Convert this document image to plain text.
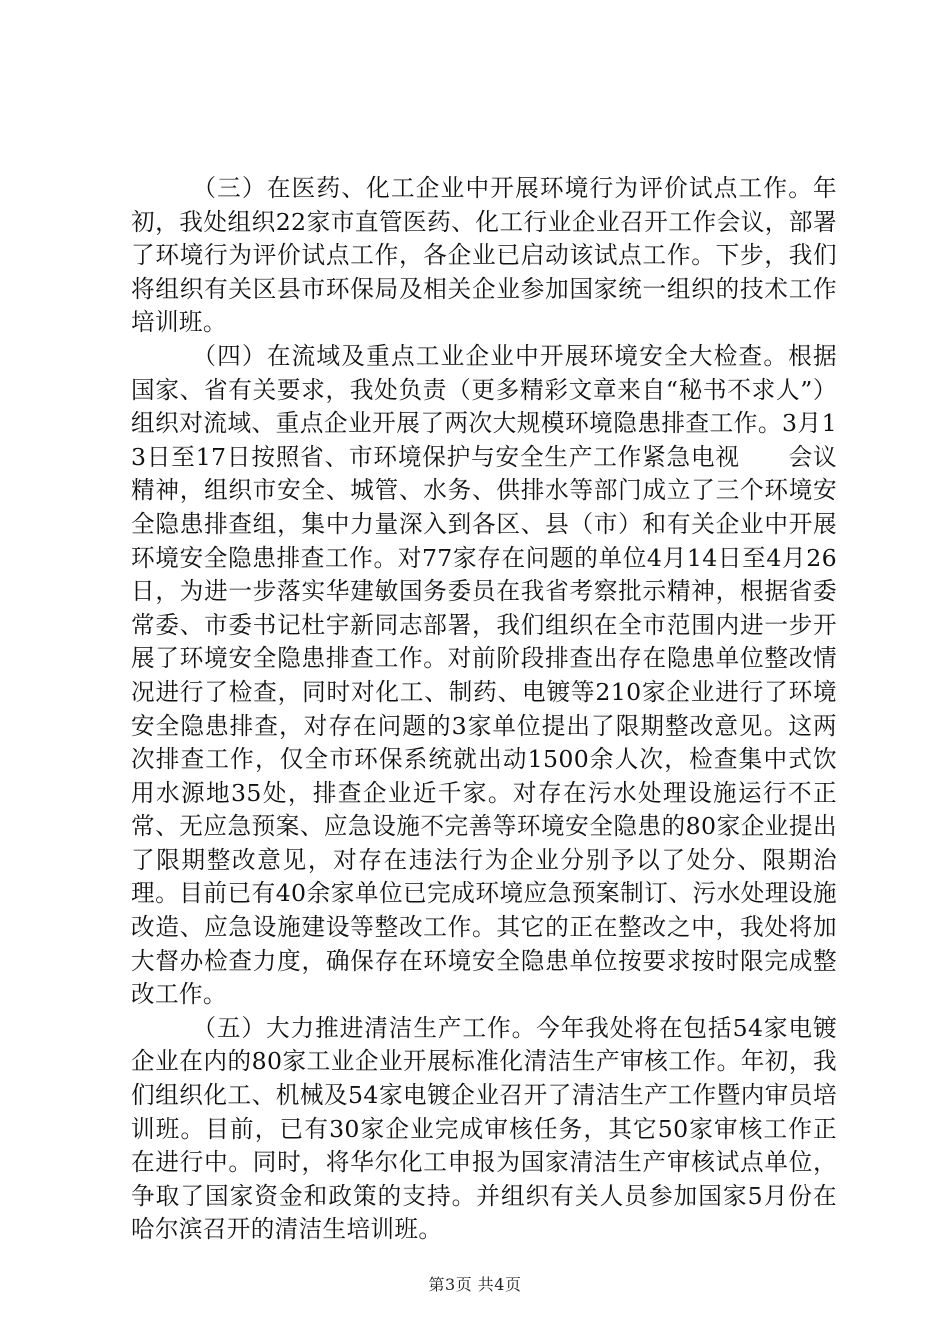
（三）在医药、化工企业中开展环境行为评价试点工作。年初，我处组织22家市直管医药、化工行业企业召开工作会议，部署了环境行为评价试点工作，各企业已启动该试点工作。下步，我们将组织有关区县市环保局及相关企业参加国家统一组织的技术工作培训班。

（四）在流域及重点工业企业中开展环境安全大检查。根据国家、省有关要求，我处负责（更多精彩文章来自“秘书不求人”）组织对流域、重点企业开展了两次大规模环境隐患排查工作。3月13日至17日按照省、市环境保护与安全生产工作紧急电视　　会议精神，组织市安全、城管、水务、供排水等部门成立了三个环境安全隐患排查组，集中力量深入到各区、县（市）和有关企业中开展环境安全隐患排查工作。对77家存在问题的单位4月14日至4月26日，为进一步落实华建敏国务委员在我省考察批示精神，根据省委常委、市委书记杜宇新同志部署，我们组织在全市范围内进一步开展了环境安全隐患排查工作。对前阶段排查出存在隐患单位整改情况进行了检查，同时对化工、制药、电镀等210家企业进行了环境安全隐患排查，对存在问题的3家单位提出了限期整改意见。这两次排查工作，仅全市环保系统就出动1500余人次，检查集中式饮用水源地35处，排查企业近千家。对存在污水处理设施运行不正常、无应急预案、应急设施不完善等环境安全隐患的80家企业提出了限期整改意见，对存在违法行为企业分别予以了处分、限期治理。目前已有40余家单位已完成环境应急预案制订、污水处理设施改造、应急设施建设等整改工作。其它的正在整改之中，我处将加大督办检查力度，确保存在环境安全隐患单位按要求按时限完成整改工作。

（五）大力推进清洁生产工作。今年我处将在包括54家电镀企业在内的80家工业企业开展标准化清洁生产审核工作。年初，我们组织化工、机械及54家电镀企业召开了清洁生产工作暨内审员培训班。目前，已有30家企业完成审核任务，其它50家审核工作正在进行中。同时，将华尔化工申报为国家清洁生产审核试点单位，争取了国家资金和政策的支持。并组织有关人员参加国家5月份在哈尔滨召开的清洁生培训班。

第3页 共4页
